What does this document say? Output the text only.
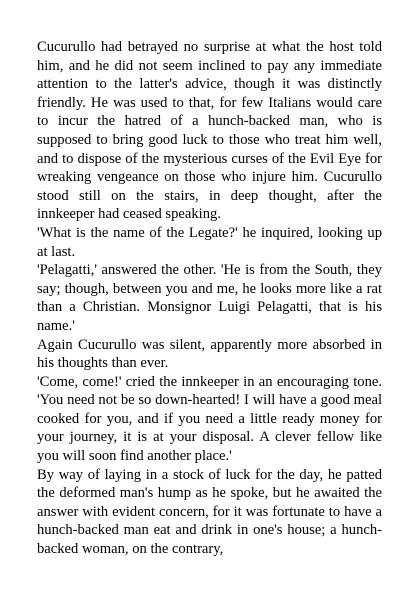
Cucurullo had betrayed no surprise at what the host told him, and he did not seem inclined to pay any immediate attention to the latter's advice, though it was distinctly friendly. He was used to that, for few Italians would care to incur the hatred of a hunch-backed man, who is supposed to bring good luck to those who treat him well, and to dispose of the mysterious curses of the Evil Eye for wreaking vengeance on those who injure him. Cucurullo stood still on the stairs, in deep thought, after the innkeeper had ceased speaking.

'What is the name of the Legate?' he inquired, looking up at last.

'Pelagatti,' answered the other. 'He is from the South, they say; though, between you and me, he looks more like a rat than a Christian. Monsignor Luigi Pelagatti, that is his name.'

Again Cucurullo was silent, apparently more absorbed in his thoughts than ever.

'Come, come!' cried the innkeeper in an encouraging tone. 'You need not be so down-hearted! I will have a good meal cooked for you, and if you need a little ready money for your journey, it is at your disposal. A clever fellow like you will soon find another place.'

By way of laying in a stock of luck for the day, he patted the deformed man's hump as he spoke, but he awaited the answer with evident concern, for it was fortunate to have a hunch-backed man eat and drink in one's house; a hunch-backed woman, on the contrary,
